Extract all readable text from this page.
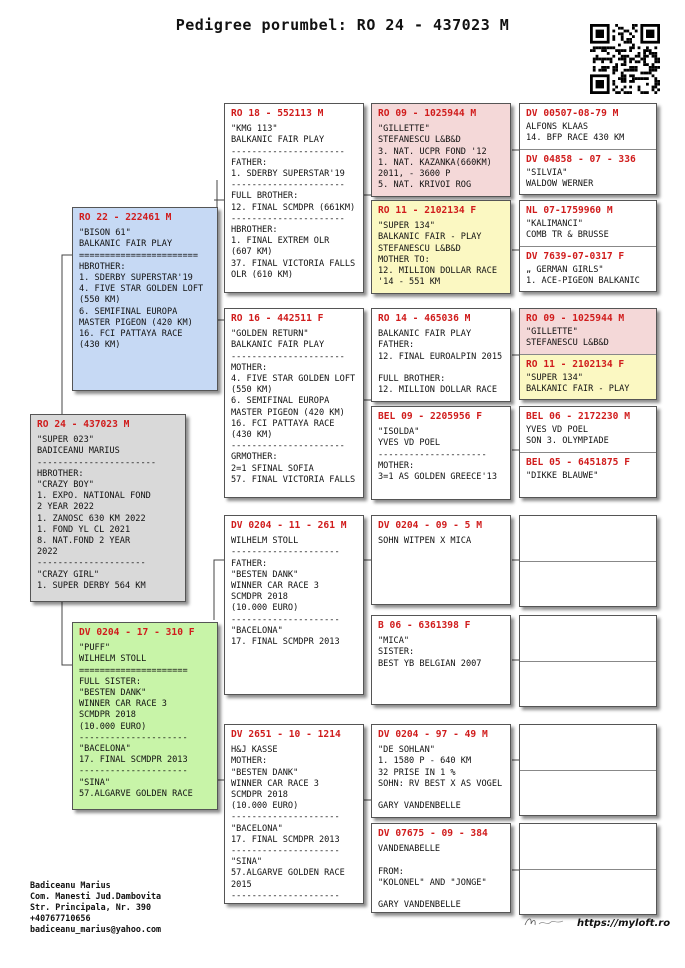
Pedigree porumbel: RO 24 - 437023 M
RO 24 - 437023 M
"SUPER 023"
BADICEANU MARIUS
-----------------------
HBROTHER:
"CRAZY BOY"
1. EXPO. NATIONAL FOND
2 YEAR 2022
1. ZANOSC 630 KM 2022
1. FOND YL CL 2021
8. NAT.FOND 2 YEAR
2022
---------------------
"CRAZY GIRL"
1. SUPER DERBY 564 KM
RO 22 - 222461 M
"BISON 61"
BALKANIC FAIR PLAY
=======================
HBROTHER:
1. SDERBY SUPERSTAR'19
4. FIVE STAR GOLDEN LOFT
(550 KM)
6. SEMIFINAL EUROPA
MASTER PIGEON (420 KM)
16. FCI PATTAYA RACE
(430 KM)
DV 0204 - 17 - 310 F
"PUFF"
WILHELM STOLL
=====================
FULL SISTER:
"BESTEN DANK"
WINNER CAR RACE 3
SCMDPR 2018
(10.000 EURO)
---------------------
"BACELONA"
17. FINAL SCMDPR 2013
---------------------
"SINA"
57.ALGARVE GOLDEN RACE
RO 18 - 552113 M
"KMG 113"
BALKANIC FAIR PLAY
----------------------
FATHER:
1. SDERBY SUPERSTAR'19
----------------------
FULL BROTHER:
12. FINAL SCMDPR (661KM)
----------------------
HBROTHER:
1. FINAL EXTREM OLR
(607 KM)
37. FINAL VICTORIA FALLS
OLR (610 KM)
RO 16 - 442511 F
"GOLDEN RETURN"
BALKANIC FAIR PLAY
----------------------
MOTHER:
4. FIVE STAR GOLDEN LOFT
(550 KM)
6. SEMIFINAL EUROPA
MASTER PIGEON (420 KM)
16. FCI PATTAYA RACE
(430 KM)
----------------------
GRMOTHER:
2=1 SFINAL SOFIA
57. FINAL VICTORIA FALLS
DV 0204 - 11 - 261 M
WILHELM STOLL
---------------------
FATHER:
"BESTEN DANK"
WINNER CAR RACE 3
SCMDPR 2018
(10.000 EURO)
---------------------
"BACELONA"
17. FINAL SCMDPR 2013
DV 2651 - 10 - 1214
H&J KASSE
MOTHER:
"BESTEN DANK"
WINNER CAR RACE 3
SCMDPR 2018
(10.000 EURO)
---------------------
"BACELONA"
17. FINAL SCMDPR 2013
---------------------
"SINA"
57.ALGARVE GOLDEN RACE
2015
---------------------
RO 09 - 1025944 M
"GILLETTE"
STEFANESCU L&B&D
3. NAT. UCPR FOND '12
1. NAT. KAZANKA(660KM)
2011, - 3600 P
5. NAT. KRIVOI ROG
RO 11 - 2102134 F
"SUPER 134"
BALKANIC FAIR - PLAY
STEFANESCU L&B&D
MOTHER TO:
12. MILLION DOLLAR RACE
'14 - 551 KM
RO 14 - 465036 M
BALKANIC FAIR PLAY
FATHER:
12. FINAL EUROALPIN 2015

FULL BROTHER:
12. MILLION DOLLAR RACE
BEL 09 - 2205956 F
"ISOLDA"
YVES VD POEL
---------------------
MOTHER:
3=1 AS GOLDEN GREECE'13
DV 0204 - 09 - 5 M
SOHN WITPEN X MICA
B 06 - 6361398 F
"MICA"
SISTER:
BEST YB BELGIAN 2007
DV 0204 - 97 - 49 M
"DE SOHLAN"
1. 1580 P - 640 KM
32 PRISE IN 1 %
SOHN: RV BEST X AS VOGEL

GARY VANDENBELLE
DV 07675 - 09 - 384
VANDENABELLE

FROM:
"KOLONEL" AND "JONGE"

GARY VANDENBELLE
DV 00507-08-79 M
ALFONS KLAAS
14. BFP RACE 430 KM
DV 04858 - 07 - 336
"SILVIA"
WALDOW WERNER
NL 07-1759960 M
"KALIMANCI"
COMB TR & BRUSSE
DV 7639-07-0317 F
„ GERMAN GIRLS"
1. ACE-PIGEON BALKANIC
RO 09 - 1025944 M
"GILLETTE"
STEFANESCU L&B&D
RO 11 - 2102134 F
"SUPER 134"
BALKANIC FAIR - PLAY
BEL 06 - 2172230 M
YVES VD POEL
SON 3. OLYMPIADE
BEL 05 - 6451875 F
"DIKKE BLAUWE"
Badiceanu Marius
Com. Manesti Jud.Dambovita
Str. Principala, Nr. 390
+40767710656
badiceanu_marius@yahoo.com	https://myloft.ro
